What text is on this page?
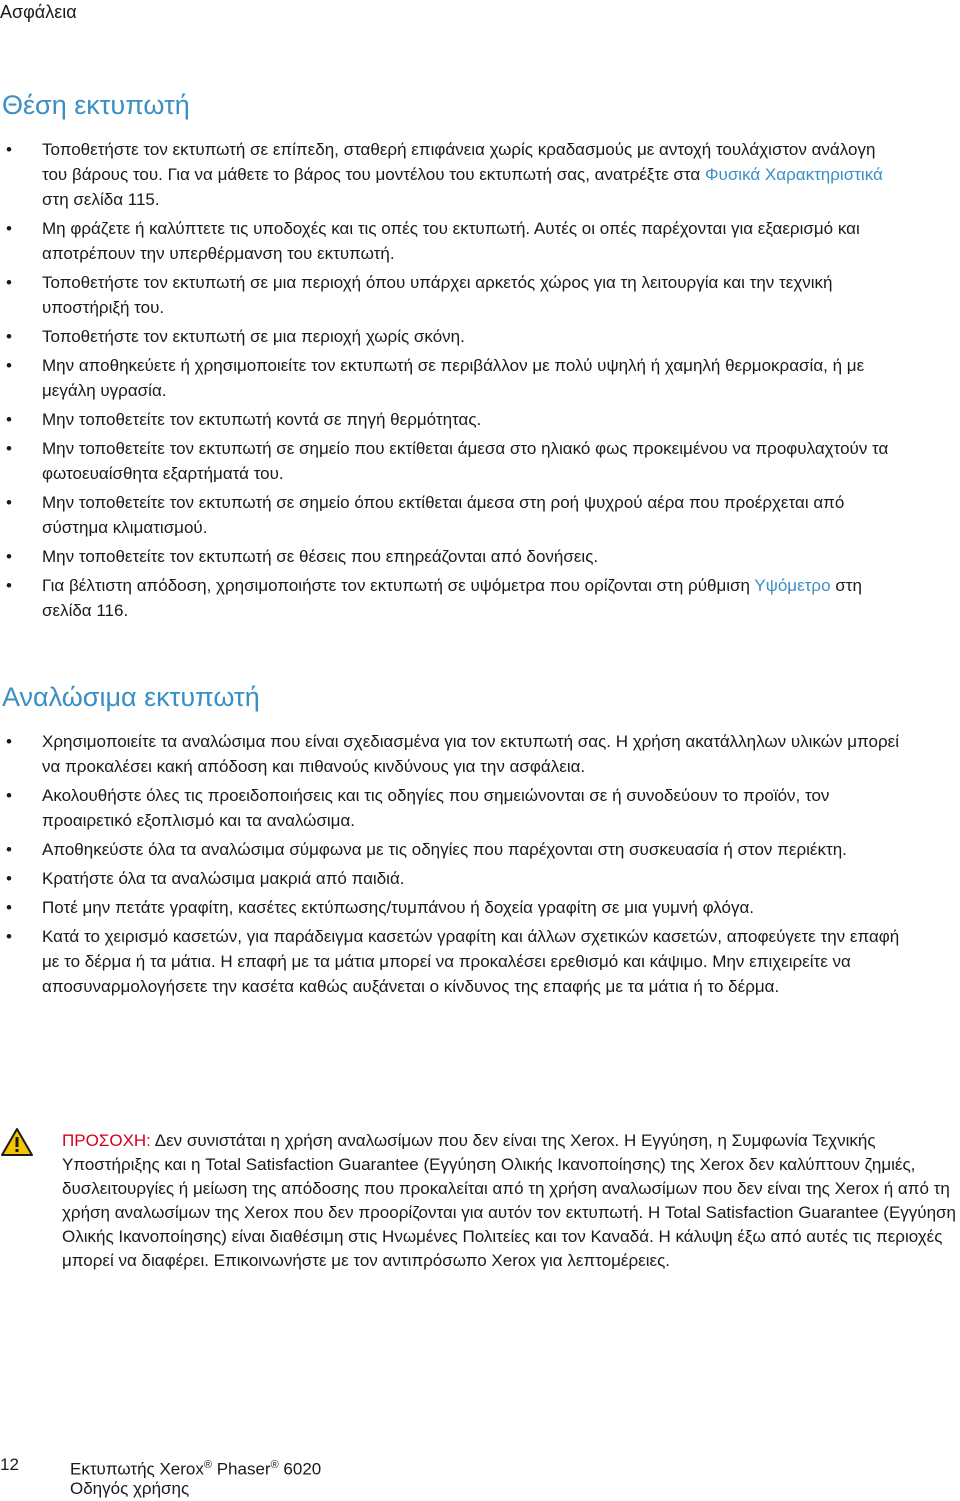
Ασφάλεια
Θέση εκτυπωτή
• Τοποθετήστε τον εκτυπωτή σε επίπεδη, σταθερή επιφάνεια χωρίς κραδασμούς με αντοχή τουλάχιστον ανάλογη του βάρους του. Για να μάθετε το βάρος του μοντέλου του εκτυπωτή σας, ανατρέξτε στα Φυσικά Χαρακτηριστικά στη σελίδα 115.
• Μη φράζετε ή καλύπτετε τις υποδοχές και τις οπές του εκτυπωτή. Αυτές οι οπές παρέχονται για εξαερισμό και αποτρέπουν την υπερθέρμανση του εκτυπωτή.
• Τοποθετήστε τον εκτυπωτή σε μια περιοχή όπου υπάρχει αρκετός χώρος για τη λειτουργία και την τεχνική υποστήριξή του.
• Τοποθετήστε τον εκτυπωτή σε μια περιοχή χωρίς σκόνη.
• Μην αποθηκεύετε ή χρησιμοποιείτε τον εκτυπωτή σε περιβάλλον με πολύ υψηλή ή χαμηλή θερμοκρασία, ή με μεγάλη υγρασία.
• Μην τοποθετείτε τον εκτυπωτή κοντά σε πηγή θερμότητας.
• Μην τοποθετείτε τον εκτυπωτή σε σημείο που εκτίθεται άμεσα στο ηλιακό φως προκειμένου να προφυλαχτούν τα φωτοευαίσθητα εξαρτήματά του.
• Μην τοποθετείτε τον εκτυπωτή σε σημείο όπου εκτίθεται άμεσα στη ροή ψυχρού αέρα που προέρχεται από σύστημα κλιματισμού.
• Μην τοποθετείτε τον εκτυπωτή σε θέσεις που επηρεάζονται από δονήσεις.
• Για βέλτιστη απόδοση, χρησιμοποιήστε τον εκτυπωτή σε υψόμετρα που ορίζονται στη ρύθμιση Υψόμετρο στη σελίδα 116.
Αναλώσιμα εκτυπωτή
• Χρησιμοποιείτε τα αναλώσιμα που είναι σχεδιασμένα για τον εκτυπωτή σας. Η χρήση ακατάλληλων υλικών μπορεί να προκαλέσει κακή απόδοση και πιθανούς κινδύνους για την ασφάλεια.
• Ακολουθήστε όλες τις προειδοποιήσεις και τις οδηγίες που σημειώνονται σε ή συνοδεύουν το προϊόν, τον προαιρετικό εξοπλισμό και τα αναλώσιμα.
• Αποθηκεύστε όλα τα αναλώσιμα σύμφωνα με τις οδηγίες που παρέχονται στη συσκευασία ή στον περιέκτη.
• Κρατήστε όλα τα αναλώσιμα μακριά από παιδιά.
• Ποτέ μην πετάτε γραφίτη, κασέτες εκτύπωσης/τυμπάνου ή δοχεία γραφίτη σε μια γυμνή φλόγα.
• Κατά το χειρισμό κασετών, για παράδειγμα κασετών γραφίτη και άλλων σχετικών κασετών, αποφεύγετε την επαφή με το δέρμα ή τα μάτια. Η επαφή με τα μάτια μπορεί να προκαλέσει ερεθισμό και κάψιμο. Μην επιχειρείτε να αποσυναρμολογήσετε την κασέτα καθώς αυξάνεται ο κίνδυνος της επαφής με τα μάτια ή το δέρμα.
ΠΡΟΣΟΧΗ: Δεν συνιστάται η χρήση αναλωσίμων που δεν είναι της Xerox. Η Εγγύηση, η Συμφωνία Τεχνικής Υποστήριξης και η Total Satisfaction Guarantee (Εγγύηση Ολικής Ικανοποίησης) της Xerox δεν καλύπτουν ζημιές, δυσλειτουργίες ή μείωση της απόδοσης που προκαλείται από τη χρήση αναλωσίμων που δεν είναι της Xerox ή από τη χρήση αναλωσίμων της Xerox που δεν προορίζονται για αυτόν τον εκτυπωτή. Η Total Satisfaction Guarantee (Εγγύηση Ολικής Ικανοποίησης) είναι διαθέσιμη στις Ηνωμένες Πολιτείες και τον Καναδά. Η κάλυψη έξω από αυτές τις περιοχές μπορεί να διαφέρει. Επικοινωνήστε με τον αντιπρόσωπο Xerox για λεπτομέρειες.
12	Εκτυπωτής Xerox® Phaser® 6020
Οδηγός χρήσης
